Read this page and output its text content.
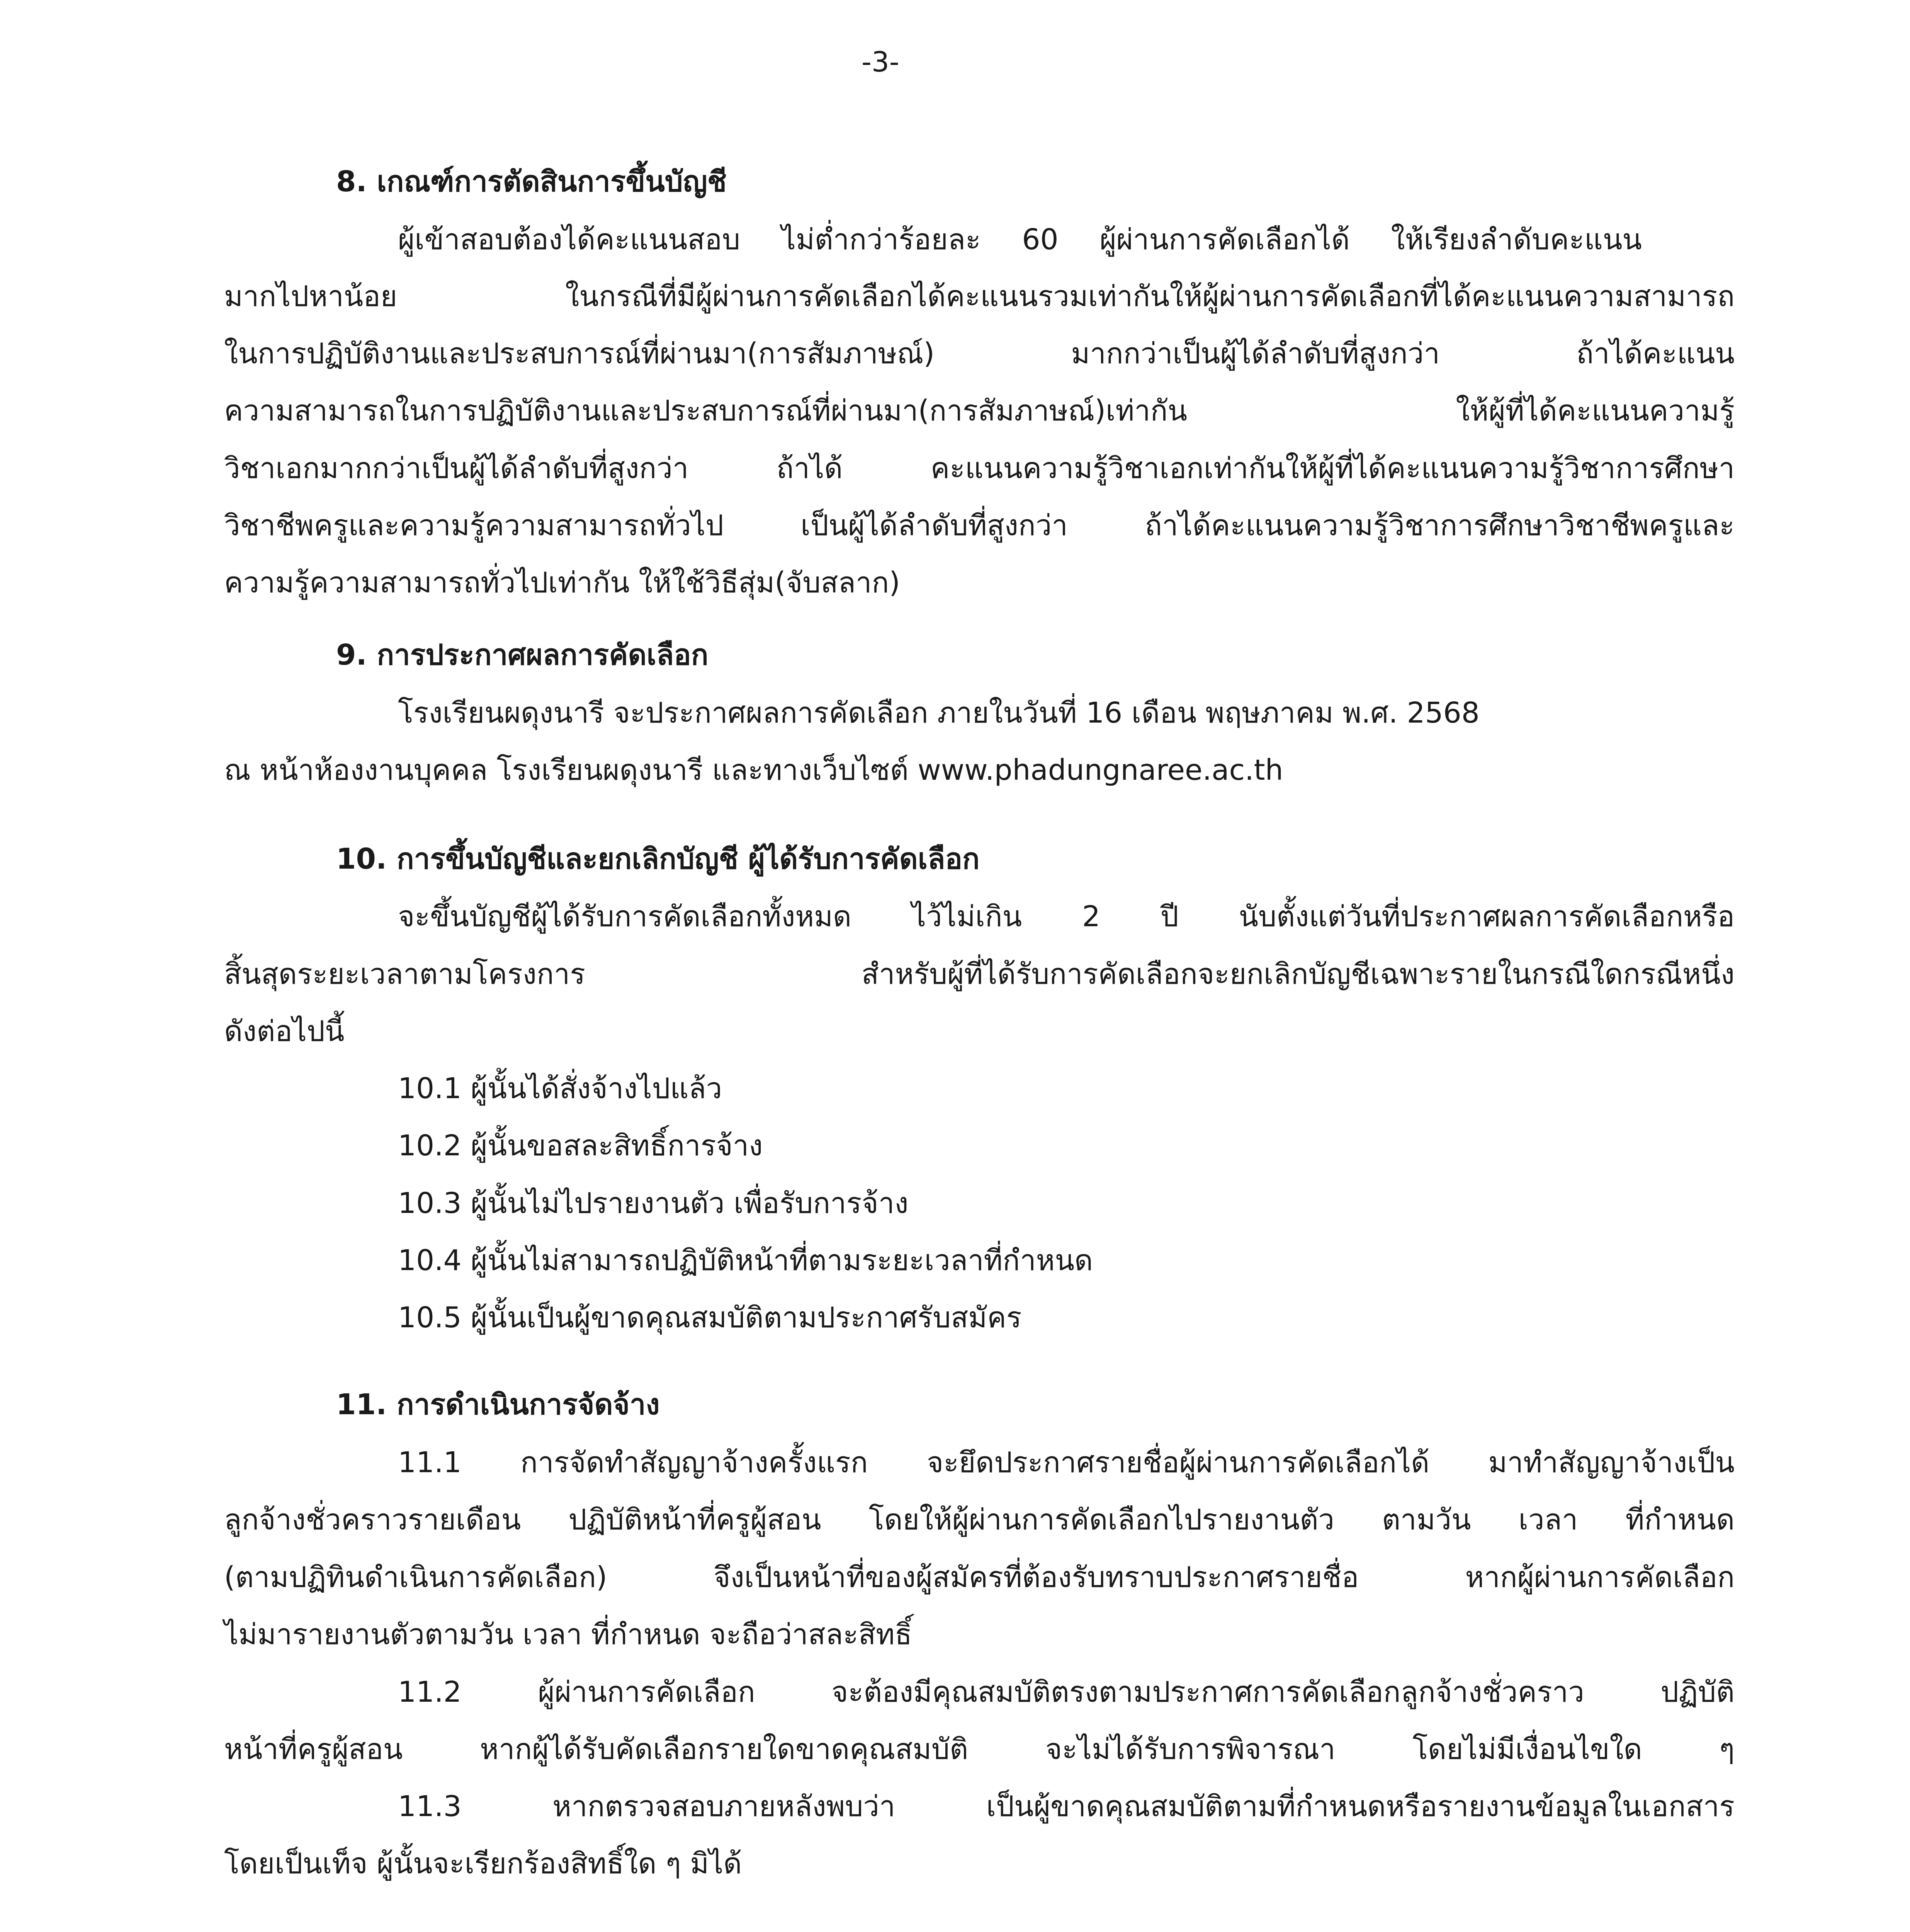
-3-
8. เกณฑ์การตัดสินการขึ้นบัญชี
ผู้เข้าสอบต้องได้คะแนนสอบ ไม่ต่ำกว่าร้อยละ 60 ผู้ผ่านการคัดเลือกได้ ให้เรียงลำดับคะแนน
มากไปหาน้อย ในกรณีที่มีผู้ผ่านการคัดเลือกได้คะแนนรวมเท่ากันให้ผู้ผ่านการคัดเลือกที่ได้คะแนนความสามารถ
ในการปฏิบัติงานและประสบการณ์ที่ผ่านมา(การสัมภาษณ์) มากกว่าเป็นผู้ได้ลำดับที่สูงกว่า ถ้าได้คะแนน
ความสามารถในการปฏิบัติงานและประสบการณ์ที่ผ่านมา(การสัมภาษณ์)เท่ากัน ให้ผู้ที่ได้คะแนนความรู้
วิชาเอกมากกว่าเป็นผู้ได้ลำดับที่สูงกว่า ถ้าได้ คะแนนความรู้วิชาเอกเท่ากันให้ผู้ที่ได้คะแนนความรู้วิชาการศึกษา
วิชาชีพครูและความรู้ความสามารถทั่วไป เป็นผู้ได้ลำดับที่สูงกว่า ถ้าได้คะแนนความรู้วิชาการศึกษาวิชาชีพครูและ
ความรู้ความสามารถทั่วไปเท่ากัน ให้ใช้วิธีสุ่ม(จับสลาก)
9. การประกาศผลการคัดเลือก
โรงเรียนผดุงนารี จะประกาศผลการคัดเลือก ภายในวันที่ 16 เดือน พฤษภาคม พ.ศ. 2568
ณ หน้าห้องงานบุคคล โรงเรียนผดุงนารี และทางเว็บไซต์ www.phadungnaree.ac.th
10. การขึ้นบัญชีและยกเลิกบัญชี ผู้ได้รับการคัดเลือก
จะขึ้นบัญชีผู้ได้รับการคัดเลือกทั้งหมด ไว้ไม่เกิน 2 ปี นับตั้งแต่วันที่ประกาศผลการคัดเลือกหรือ
สิ้นสุดระยะเวลาตามโครงการ สำหรับผู้ที่ได้รับการคัดเลือกจะยกเลิกบัญชีเฉพาะรายในกรณีใดกรณีหนึ่ง
ดังต่อไปนี้
10.1 ผู้นั้นได้สั่งจ้างไปแล้ว
10.2 ผู้นั้นขอสละสิทธิ์การจ้าง
10.3 ผู้นั้นไม่ไปรายงานตัว เพื่อรับการจ้าง
10.4 ผู้นั้นไม่สามารถปฏิบัติหน้าที่ตามระยะเวลาที่กำหนด
10.5 ผู้นั้นเป็นผู้ขาดคุณสมบัติตามประกาศรับสมัคร
11. การดำเนินการจัดจ้าง
11.1 การจัดทำสัญญาจ้างครั้งแรก จะยึดประกาศรายชื่อผู้ผ่านการคัดเลือกได้ มาทำสัญญาจ้างเป็น
ลูกจ้างชั่วคราวรายเดือน ปฏิบัติหน้าที่ครูผู้สอน โดยให้ผู้ผ่านการคัดเลือกไปรายงานตัว ตามวัน เวลา ที่กำหนด
(ตามปฏิทินดำเนินการคัดเลือก) จึงเป็นหน้าที่ของผู้สมัครที่ต้องรับทราบประกาศรายชื่อ หากผู้ผ่านการคัดเลือก
ไม่มารายงานตัวตามวัน เวลา ที่กำหนด จะถือว่าสละสิทธิ์
11.2 ผู้ผ่านการคัดเลือก จะต้องมีคุณสมบัติตรงตามประกาศการคัดเลือกลูกจ้างชั่วคราว ปฏิบัติ
หน้าที่ครูผู้สอน หากผู้ได้รับคัดเลือกรายใดขาดคุณสมบัติ จะไม่ได้รับการพิจารณา โดยไม่มีเงื่อนไขใด ๆ
11.3 หากตรวจสอบภายหลังพบว่า เป็นผู้ขาดคุณสมบัติตามที่กำหนดหรือรายงานข้อมูลในเอกสาร
โดยเป็นเท็จ ผู้นั้นจะเรียกร้องสิทธิ์ใด ๆ มิได้
